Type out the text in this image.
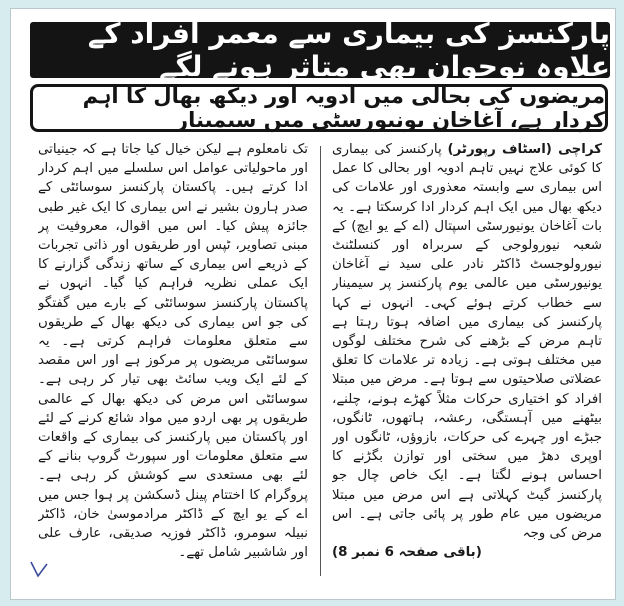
پارکنسز کی بیماری سے معمر افراد کے علاوہ نوجوان بھی متاثر ہونے لگے
مریضوں کی بحالی میں ادویہ اور دیکھ بھال کا اہم کردار ہے، آغاخان یونیورسٹی میں سیمینار

کراچی (اسٹاف رپورٹر) پارکنسز کی بیماری کا کوئی علاج نہیں تاہم ادویہ اور بحالی کا عمل اس بیماری سے وابستہ معذوری اور علامات کی دیکھ بھال میں ایک اہم کردار ادا کرسکتا ہے۔ یہ بات آغاخان یونیورسٹی اسپتال (اے کے یو ایچ) کے شعبہ نیورولوجی کے سربراہ اور کنسلٹنٹ نیورولوجسٹ ڈاکٹر نادر علی سید نے آغاخان یونیورسٹی میں عالمی یوم پارکنسز پر سیمینار سے خطاب کرتے ہوئے کہی۔ انہوں نے کہا پارکنسز کی بیماری میں اضافہ ہوتا رہتا ہے تاہم مرض کے بڑھنے کی شرح مختلف لوگوں میں مختلف ہوتی ہے۔ زیادہ تر علامات کا تعلق عضلاتی صلاحیتوں سے ہوتا ہے۔ مرض میں مبتلا افراد کو اختیاری حرکات مثلاً کھڑے ہونے، چلنے، بیٹھنے میں آہستگی، رعشہ، ہاتھوں، ٹانگوں، جبڑے اور چہرے کی حرکات، بازوؤں، ٹانگوں اور اوپری دھڑ میں سختی اور توازن بگڑنے کا احساس ہونے لگتا ہے۔ ایک خاص چال جو پارکنسز گیٹ کہلاتی ہے اس مرض میں مبتلا مریضوں میں عام طور پر پائی جاتی ہے۔ اس مرض کی وجہ

(باقی صفحہ 6 نمبر 8)

تک نامعلوم ہے لیکن خیال کیا جاتا ہے کہ جینیاتی اور ماحولیاتی عوامل اس سلسلے میں اہم کردار ادا کرتے ہیں۔ پاکستان پارکنسز سوسائٹی کے صدر ہارون بشیر نے اس بیماری کا ایک غیر طبی جائزہ پیش کیا۔ اس میں اقوال، معروفیت پر مبنی تصاویر، ٹپس اور طریقوں اور ذاتی تجربات کے ذریعے اس بیماری کے ساتھ زندگی گزارنے کا ایک عملی نظریہ فراہم کیا گیا۔ انہوں نے پاکستان پارکنسز سوسائٹی کے بارے میں گفتگو کی جو اس بیماری کی دیکھ بھال کے طریقوں سے متعلق معلومات فراہم کرتی ہے۔ یہ سوسائٹی مریضوں پر مرکوز ہے اور اس مقصد کے لئے ایک ویب سائٹ بھی تیار کر رہی ہے۔ سوسائٹی اس مرض کی دیکھ بھال کے عالمی طریقوں پر بھی اردو میں مواد شائع کرنے کے لئے اور پاکستان میں پارکنسز کی بیماری کے واقعات سے متعلق معلومات اور سپورٹ گروپ بنانے کے لئے بھی مستعدی سے کوشش کر رہی ہے۔ پروگرام کا اختتام پینل ڈسکشن پر ہوا جس میں اے کے یو ایچ کے ڈاکٹر مرادموسیٰ خان، ڈاکٹر نبیلہ سومرو، ڈاکٹر فوزیہ صدیقی، عارف علی اور شاشبیر شامل تھے۔
